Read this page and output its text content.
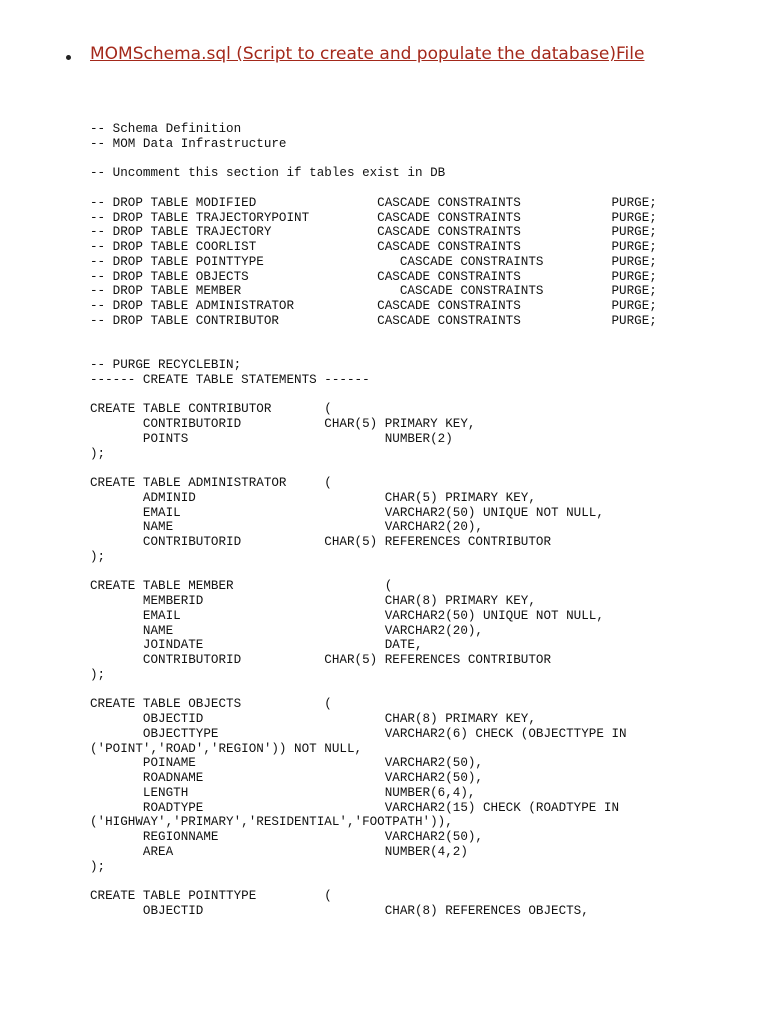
MOMSchema.sql (Script to create and populate the database)File
-- Schema Definition
-- MOM Data Infrastructure

-- Uncomment this section if tables exist in DB

-- DROP TABLE MODIFIED                CASCADE CONSTRAINTS            PURGE;
-- DROP TABLE TRAJECTORYPOINT         CASCADE CONSTRAINTS            PURGE;
-- DROP TABLE TRAJECTORY              CASCADE CONSTRAINTS            PURGE;
-- DROP TABLE COORLIST                CASCADE CONSTRAINTS            PURGE;
-- DROP TABLE POINTTYPE                  CASCADE CONSTRAINTS         PURGE;
-- DROP TABLE OBJECTS                 CASCADE CONSTRAINTS            PURGE;
-- DROP TABLE MEMBER                     CASCADE CONSTRAINTS         PURGE;
-- DROP TABLE ADMINISTRATOR           CASCADE CONSTRAINTS            PURGE;
-- DROP TABLE CONTRIBUTOR             CASCADE CONSTRAINTS            PURGE;

-- PURGE RECYCLEBIN;
------ CREATE TABLE STATEMENTS ------

CREATE TABLE CONTRIBUTOR       (
CONTRIBUTORID           CHAR(5) PRIMARY KEY,
POINTS                          NUMBER(2)
);

CREATE TABLE ADMINISTRATOR     (
ADMINID                         CHAR(5) PRIMARY KEY,
EMAIL                           VARCHAR2(50) UNIQUE NOT NULL,
NAME                            VARCHAR2(20),
CONTRIBUTORID           CHAR(5) REFERENCES CONTRIBUTOR
);

CREATE TABLE MEMBER                    (
MEMBERID                        CHAR(8) PRIMARY KEY,
EMAIL                           VARCHAR2(50) UNIQUE NOT NULL,
NAME                            VARCHAR2(20),
JOINDATE                        DATE,
CONTRIBUTORID           CHAR(5) REFERENCES CONTRIBUTOR
);

CREATE TABLE OBJECTS           (
OBJECTID                        CHAR(8) PRIMARY KEY,
OBJECTTYPE                      VARCHAR2(6) CHECK (OBJECTTYPE IN
('POINT','ROAD','REGION')) NOT NULL,
POINAME                         VARCHAR2(50),
ROADNAME                        VARCHAR2(50),
LENGTH                          NUMBER(6,4),
ROADTYPE                        VARCHAR2(15) CHECK (ROADTYPE IN
('HIGHWAY','PRIMARY','RESIDENTIAL','FOOTPATH')),
REGIONNAME                      VARCHAR2(50),
AREA                            NUMBER(4,2)
);

CREATE TABLE POINTTYPE         (
OBJECTID                        CHAR(8) REFERENCES OBJECTS,
